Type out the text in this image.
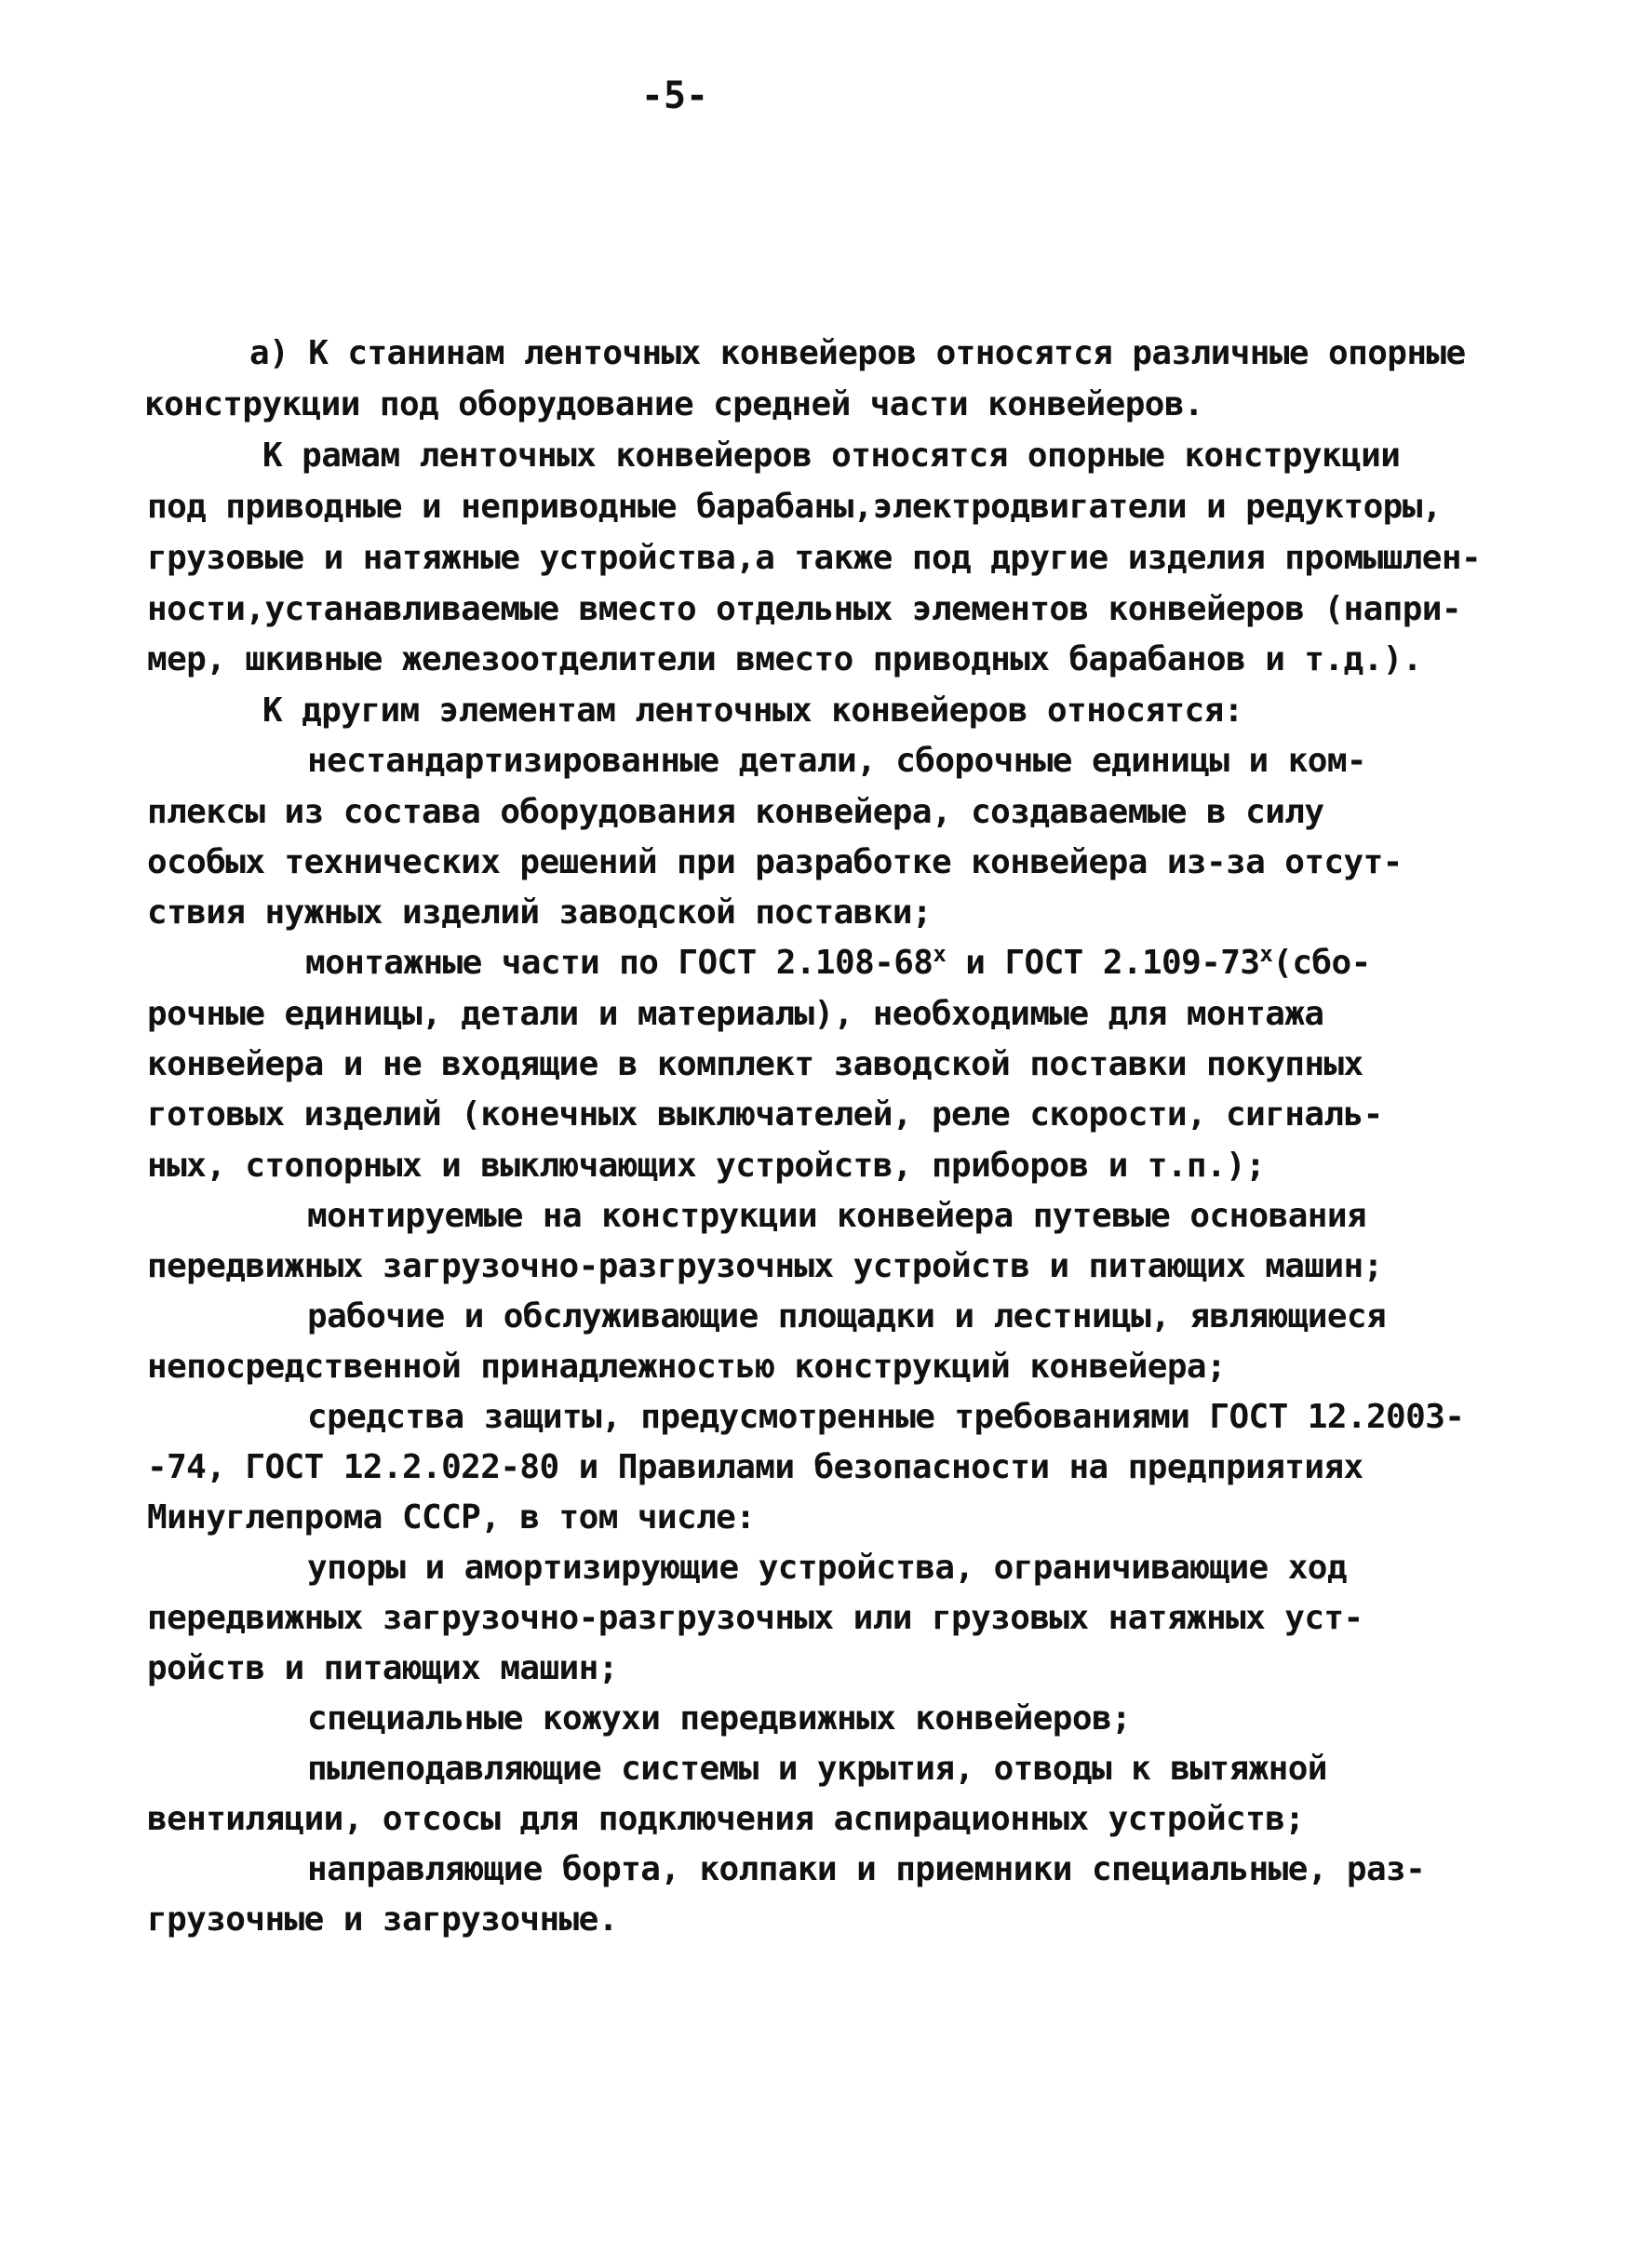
-5-

а) К станинам ленточных конвейеров относятся различные опорные

конструкции под оборудование средней части конвейеров.

К рамам ленточных конвейеров относятся опорные конструкции

под приводные и неприводные барабаны,электродвигатели и редукторы,

грузовые и натяжные устройства,а также под другие изделия промышлен-

ности,устанавливаемые вместо отдельных элементов конвейеров (напри-

мер, шкивные железоотделители вместо приводных барабанов и т.д.).

К другим элементам ленточных конвейеров относятся:

нестандартизированные детали, сборочные единицы и ком-

плексы из состава оборудования конвейера, создаваемые в силу

особых технических решений при разработке конвейера из-за отсут-

ствия нужных изделий заводской поставки;

монтажные части по ГОСТ 2.108-68$^x$ и ГОСТ 2.109-73$^x$(сбо-

рочные единицы, детали и материалы), необходимые для монтажа

конвейера и не входящие в комплект заводской поставки покупных

готовых изделий (конечных выключателей, реле скорости, сигналь-

ных, стопорных и выключающих устройств, приборов и т.п.);

монтируемые на конструкции конвейера путевые основания

передвижных загрузочно-разгрузочных устройств и питающих машин;

рабочие и обслуживающие площадки и лестницы, являющиеся

непосредственной принадлежностью конструкций конвейера;

средства защиты, предусмотренные требованиями ГОСТ 12.2003-

-74, ГОСТ 12.2.022-80 и Правилами безопасности на предприятиях

Минуглепрома СССР, в том числе:

упоры и амортизирующие устройства, ограничивающие ход

передвижных загрузочно-разгрузочных или грузовых натяжных уст-

ройств и питающих машин;

специальные кожухи передвижных конвейеров;

пылеподавляющие системы и укрытия, отводы к вытяжной

вентиляции, отсосы для подключения аспирационных устройств;

направляющие борта, колпаки и приемники специальные, раз-

грузочные и загрузочные.
